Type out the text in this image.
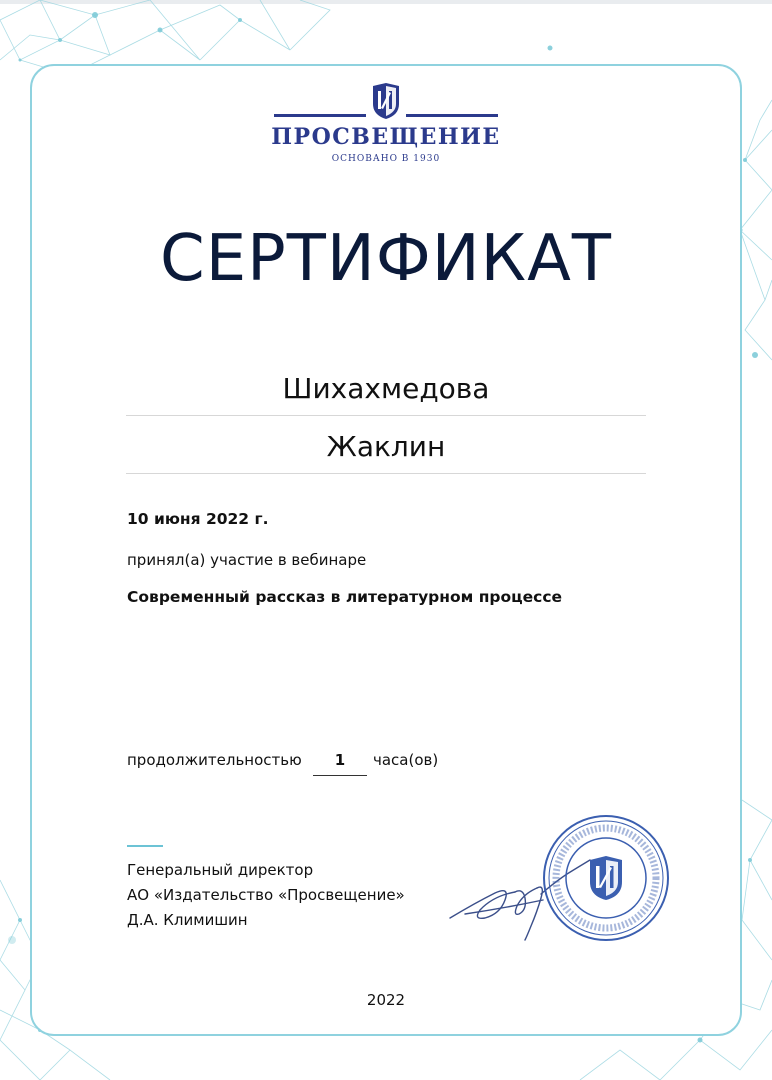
ПРОСВЕЩЕНИЕ
ОСНОВАНО В 1930
СЕРТИФИКАТ
Шихахмедова
Жаклин
10 июня 2022 г.
принял(а) участие в вебинаре
Современный рассказ в литературном процессе
продолжительностью	1	часа(ов)
Генеральный директор
АО «Издательство «Просвещение»
Д.А. Климишин
2022
